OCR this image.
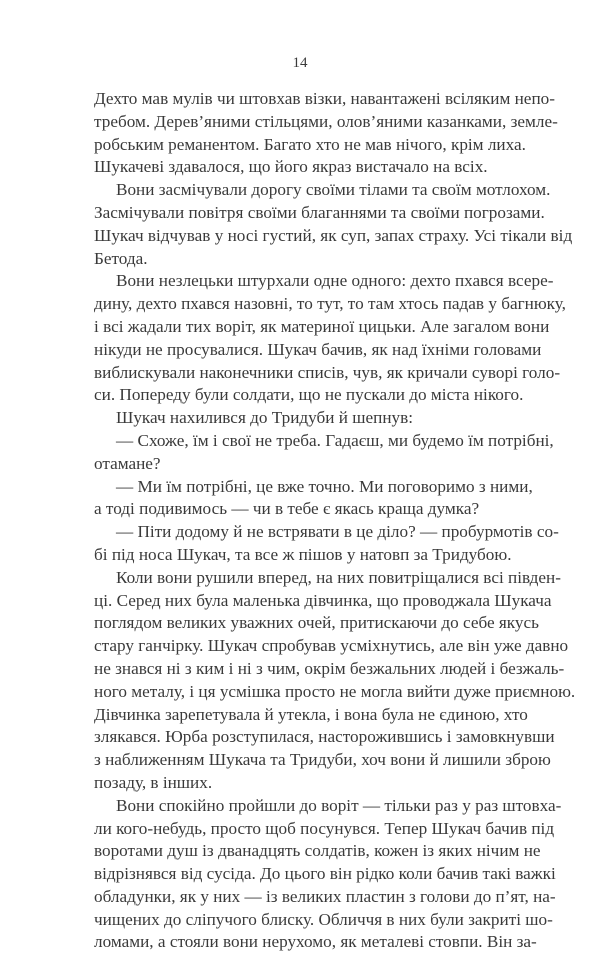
14
Дехто мав мулів чи штовхав візки, навантажені всіляким непо-
требом. Дерев’яними стільцями, олов’яними казанками, земле-
робським реманентом. Багато хто не мав нічого, крім лиха.
Шукачеві здавалося, що його якраз вистачало на всіх.
Вони засмічували дорогу своїми тілами та своїм мотлохом.
Засмічували повітря своїми благаннями та своїми погрозами.
Шукач відчував у носі густий, як суп, запах страху. Усі тікали від
Бетода.
Вони незлецьки штурхали одне одного: дехто пхався всере-
дину, дехто пхався назовні, то тут, то там хтось падав у багнюку,
і всі жадали тих воріт, як материної цицьки. Але загалом вони
нікуди не просувалися. Шукач бачив, як над їхніми головами
виблискували наконечники списів, чув, як кричали суворі голо-
си. Попереду були солдати, що не пускали до міста нікого.
Шукач нахилився до Тридуби й шепнув:
— Схоже, їм і свої не треба. Гадаєш, ми будемо їм потрібні,
отамане?
— Ми їм потрібні, це вже точно. Ми поговоримо з ними,
а тоді подивимось — чи в тебе є якась краща думка?
— Піти додому й не встрявати в це діло? — пробурмотів со-
бі під носа Шукач, та все ж пішов у натовп за Тридубою.
Коли вони рушили вперед, на них повитріщалися всі півден-
ці. Серед них була маленька дівчинка, що проводжала Шукача
поглядом великих уважних очей, притискаючи до себе якусь
стару ганчірку. Шукач спробував усміхнутись, але він уже давно
не знався ні з ким і ні з чим, окрім безжальних людей і безжаль-
ного металу, і ця усмішка просто не могла вийти дуже приємною.
Дівчинка зарепетувала й утекла, і вона була не єдиною, хто
злякався. Юрба розступилася, насторожившись і замовкнувши
з наближенням Шукача та Тридуби, хоч вони й лишили зброю
позаду, в інших.
Вони спокійно пройшли до воріт — тільки раз у раз штовха-
ли кого-небудь, просто щоб посунувся. Тепер Шукач бачив під
воротами душ із дванадцять солдатів, кожен із яких нічим не
відрізнявся від сусіда. До цього він рідко коли бачив такі важкі
обладунки, як у них — із великих пластин з голови до п’ят, на-
чищених до сліпучого блиску. Обличчя в них були закриті шо-
ломами, а стояли вони нерухомо, як металеві стовпи. Він за-
